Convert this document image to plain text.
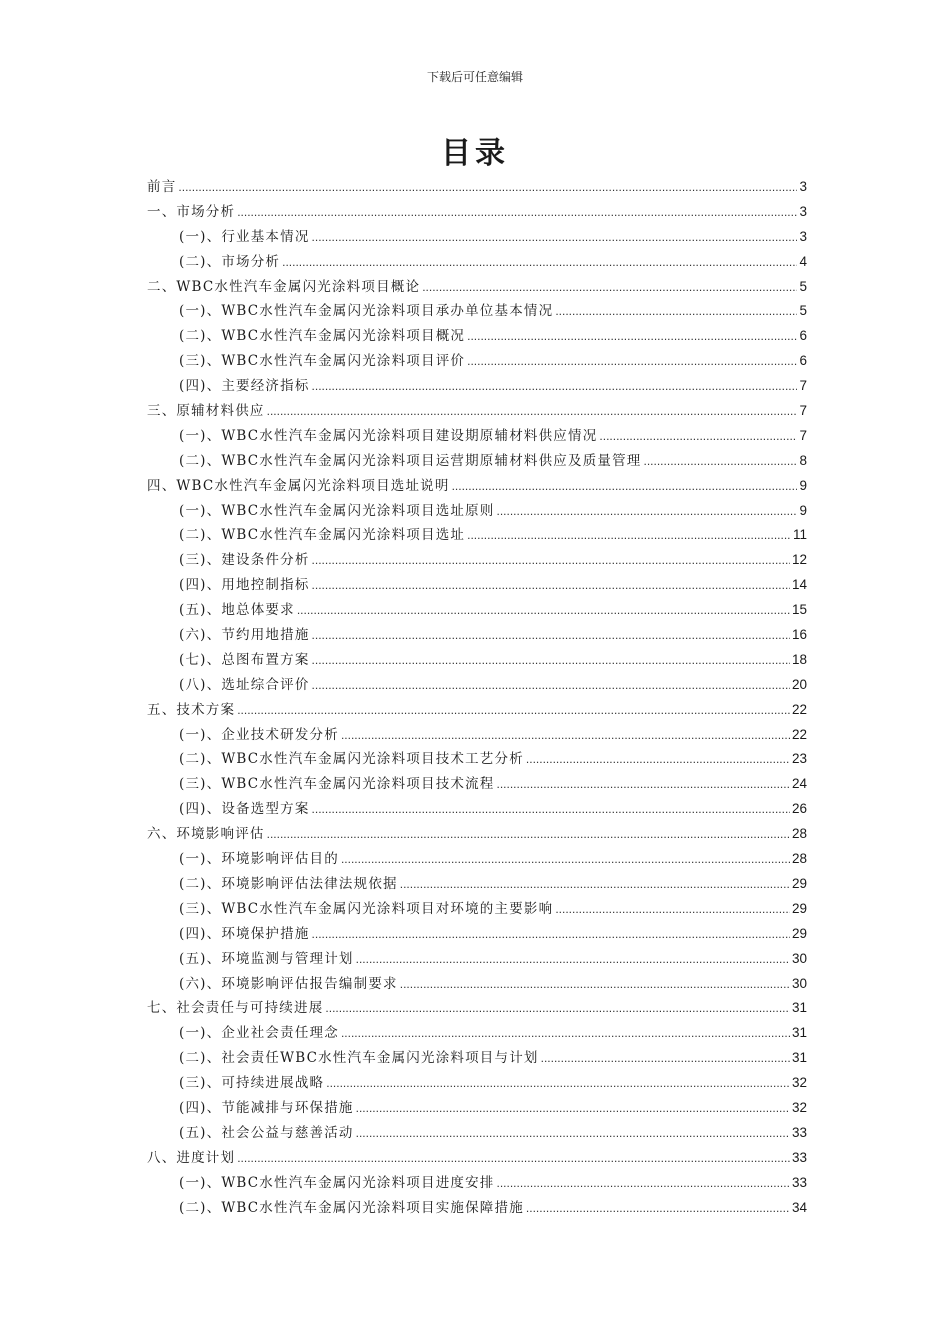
下载后可任意编辑
目录
前言 .....	3
一、市场分析 .....	3
(一)、行业基本情况 .....	3
(二)、市场分析 .....	4
二、WBC水性汽车金属闪光涂料项目概论 .....	5
(一)、WBC水性汽车金属闪光涂料项目承办单位基本情况 .....	5
(二)、WBC水性汽车金属闪光涂料项目概况 .....	6
(三)、WBC水性汽车金属闪光涂料项目评价 .....	6
(四)、主要经济指标 .....	7
三、原辅材料供应 .....	7
(一)、WBC水性汽车金属闪光涂料项目建设期原辅材料供应情况 .....	7
(二)、WBC水性汽车金属闪光涂料项目运营期原辅材料供应及质量管理 .....	8
四、WBC水性汽车金属闪光涂料项目选址说明 .....	9
(一)、WBC水性汽车金属闪光涂料项目选址原则 .....	9
(二)、WBC水性汽车金属闪光涂料项目选址 .....	11
(三)、建设条件分析 .....	12
(四)、用地控制指标 .....	14
(五)、地总体要求 .....	15
(六)、节约用地措施 .....	16
(七)、总图布置方案 .....	18
(八)、选址综合评价 .....	20
五、技术方案 .....	22
(一)、企业技术研发分析 .....	22
(二)、WBC水性汽车金属闪光涂料项目技术工艺分析 .....	23
(三)、WBC水性汽车金属闪光涂料项目技术流程 .....	24
(四)、设备选型方案 .....	26
六、环境影响评估 .....	28
(一)、环境影响评估目的 .....	28
(二)、环境影响评估法律法规依据 .....	29
(三)、WBC水性汽车金属闪光涂料项目对环境的主要影响 .....	29
(四)、环境保护措施 .....	29
(五)、环境监测与管理计划 .....	30
(六)、环境影响评估报告编制要求 .....	30
七、社会责任与可持续进展 .....	31
(一)、企业社会责任理念 .....	31
(二)、社会责任WBC水性汽车金属闪光涂料项目与计划 .....	31
(三)、可持续进展战略 .....	32
(四)、节能减排与环保措施 .....	32
(五)、社会公益与慈善活动 .....	33
八、进度计划 .....	33
(一)、WBC水性汽车金属闪光涂料项目进度安排 .....	33
(二)、WBC水性汽车金属闪光涂料项目实施保障措施 .....	34
